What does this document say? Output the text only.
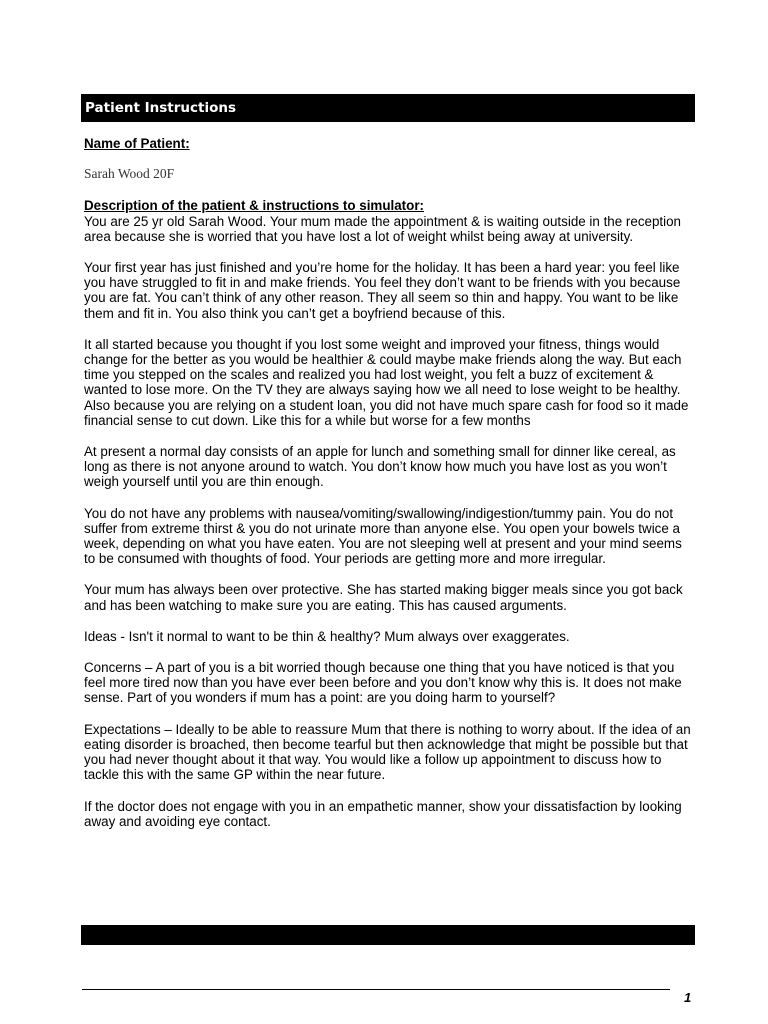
Patient Instructions
Name of Patient:
Sarah Wood 20F
Description of the patient & instructions to simulator:

You are 25 yr old Sarah Wood. Your mum made the appointment & is waiting outside in the reception area because she is worried that you have lost a lot of weight whilst being away at university.

Your first year has just finished and you’re home for the holiday. It has been a hard year: you feel like you have struggled to fit in and make friends. You feel they don’t want to be friends with you because you are fat. You can’t think of any other reason. They all seem so thin and happy. You want to be like them and fit in. You also think you can’t get a boyfriend because of this.

It all started because you thought if you lost some weight and improved your fitness, things would change for the better as you would be healthier & could maybe make friends along the way. But each time you stepped on the scales and realized you had lost weight, you felt a buzz of excitement & wanted to lose more. On the TV they are always saying how we all need to lose weight to be healthy. Also because you are relying on a student loan, you did not have much spare cash for food so it made financial sense to cut down. Like this for a while but worse for a few months

At present a normal day consists of an apple for lunch and something small for dinner like cereal, as long as there is not anyone around to watch. You don’t know how much you have lost as you won’t weigh yourself until you are thin enough.

You do not have any problems with nausea/vomiting/swallowing/indigestion/tummy pain. You do not suffer from extreme thirst & you do not urinate more than anyone else. You open your bowels twice a week, depending on what you have eaten. You are not sleeping well at present and your mind seems to be consumed with thoughts of food. Your periods are getting more and more irregular.

Your mum has always been over protective. She has started making bigger meals since you got back and has been watching to make sure you are eating. This has caused arguments.

Ideas - Isn't it normal to want to be thin & healthy? Mum always over exaggerates.

Concerns – A part of you is a bit worried though because one thing that you have noticed is that you feel more tired now than you have ever been before and you don’t know why this is. It does not make sense. Part of you wonders if mum has a point: are you doing harm to yourself?

Expectations – Ideally to be able to reassure Mum that there is nothing to worry about. If the idea of an eating disorder is broached, then become tearful but then acknowledge that might be possible but that you had never thought about it that way. You would like a follow up appointment to discuss how to tackle this with the same GP within the near future.

If the doctor does not engage with you in an empathetic manner, show your dissatisfaction by looking away and avoiding eye contact.

1
